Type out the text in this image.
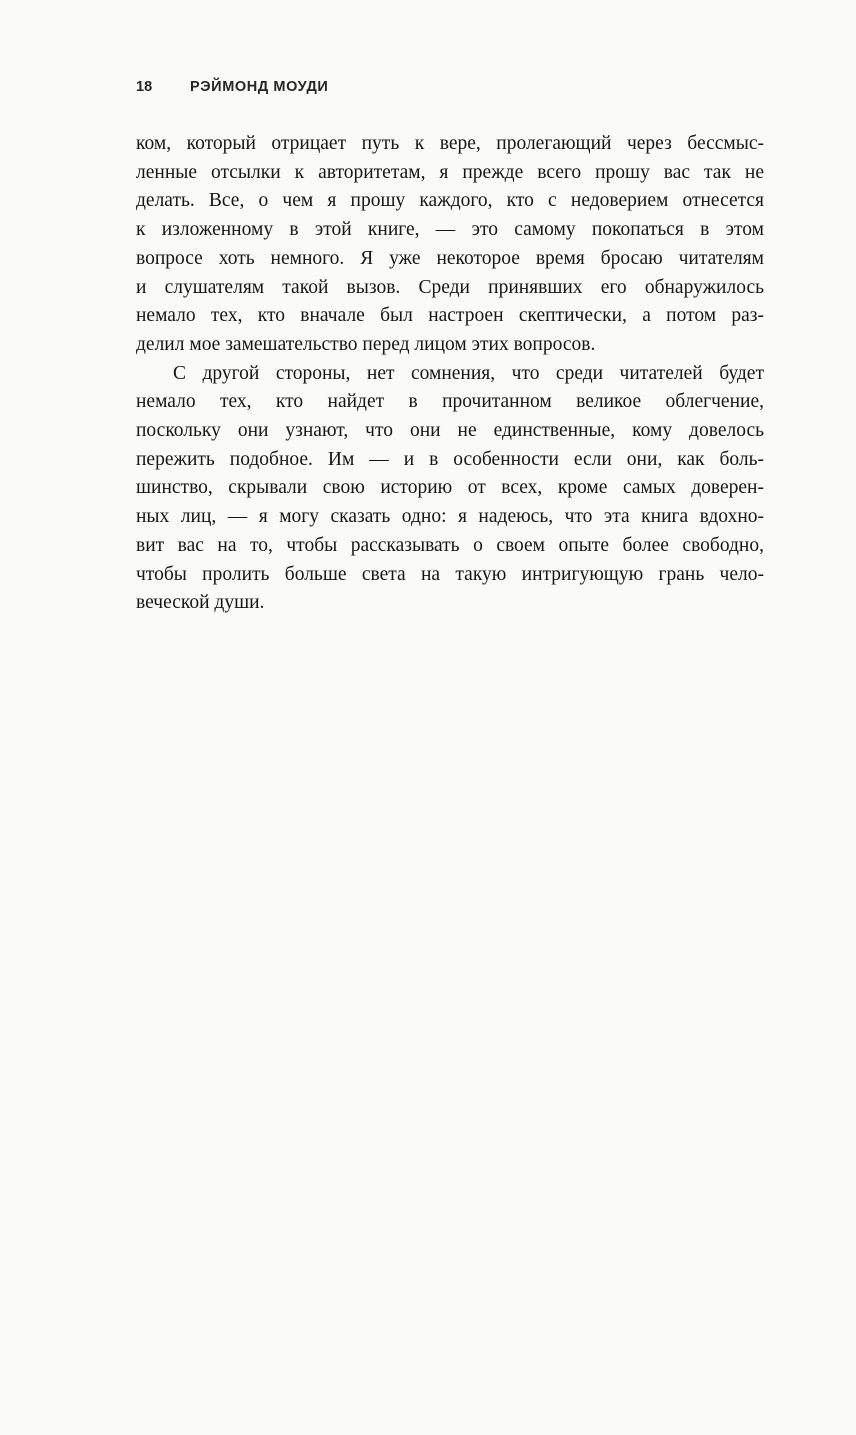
18	РЭЙМОНД МОУДИ
ком, который отрицает путь к вере, пролегающий через бессмыс-
ленные отсылки к авторитетам, я прежде всего прошу вас так не
делать. Все, о чем я прошу каждого, кто с недоверием отнесется
к изложенному в этой книге, — это самому покопаться в этом
вопросе хоть немного. Я уже некоторое время бросаю читателям
и слушателям такой вызов. Среди принявших его обнаружилось
немало тех, кто вначале был настроен скептически, а потом раз-
делил мое замешательство перед лицом этих вопросов.
С другой стороны, нет сомнения, что среди читателей будет
немало тех, кто найдет в прочитанном великое облегчение,
поскольку они узнают, что они не единственные, кому довелось
пережить подобное. Им — и в особенности если они, как боль-
шинство, скрывали свою историю от всех, кроме самых доверен-
ных лиц, — я могу сказать одно: я надеюсь, что эта книга вдохно-
вит вас на то, чтобы рассказывать о своем опыте более свободно,
чтобы пролить больше света на такую интригующую грань чело-
веческой души.
